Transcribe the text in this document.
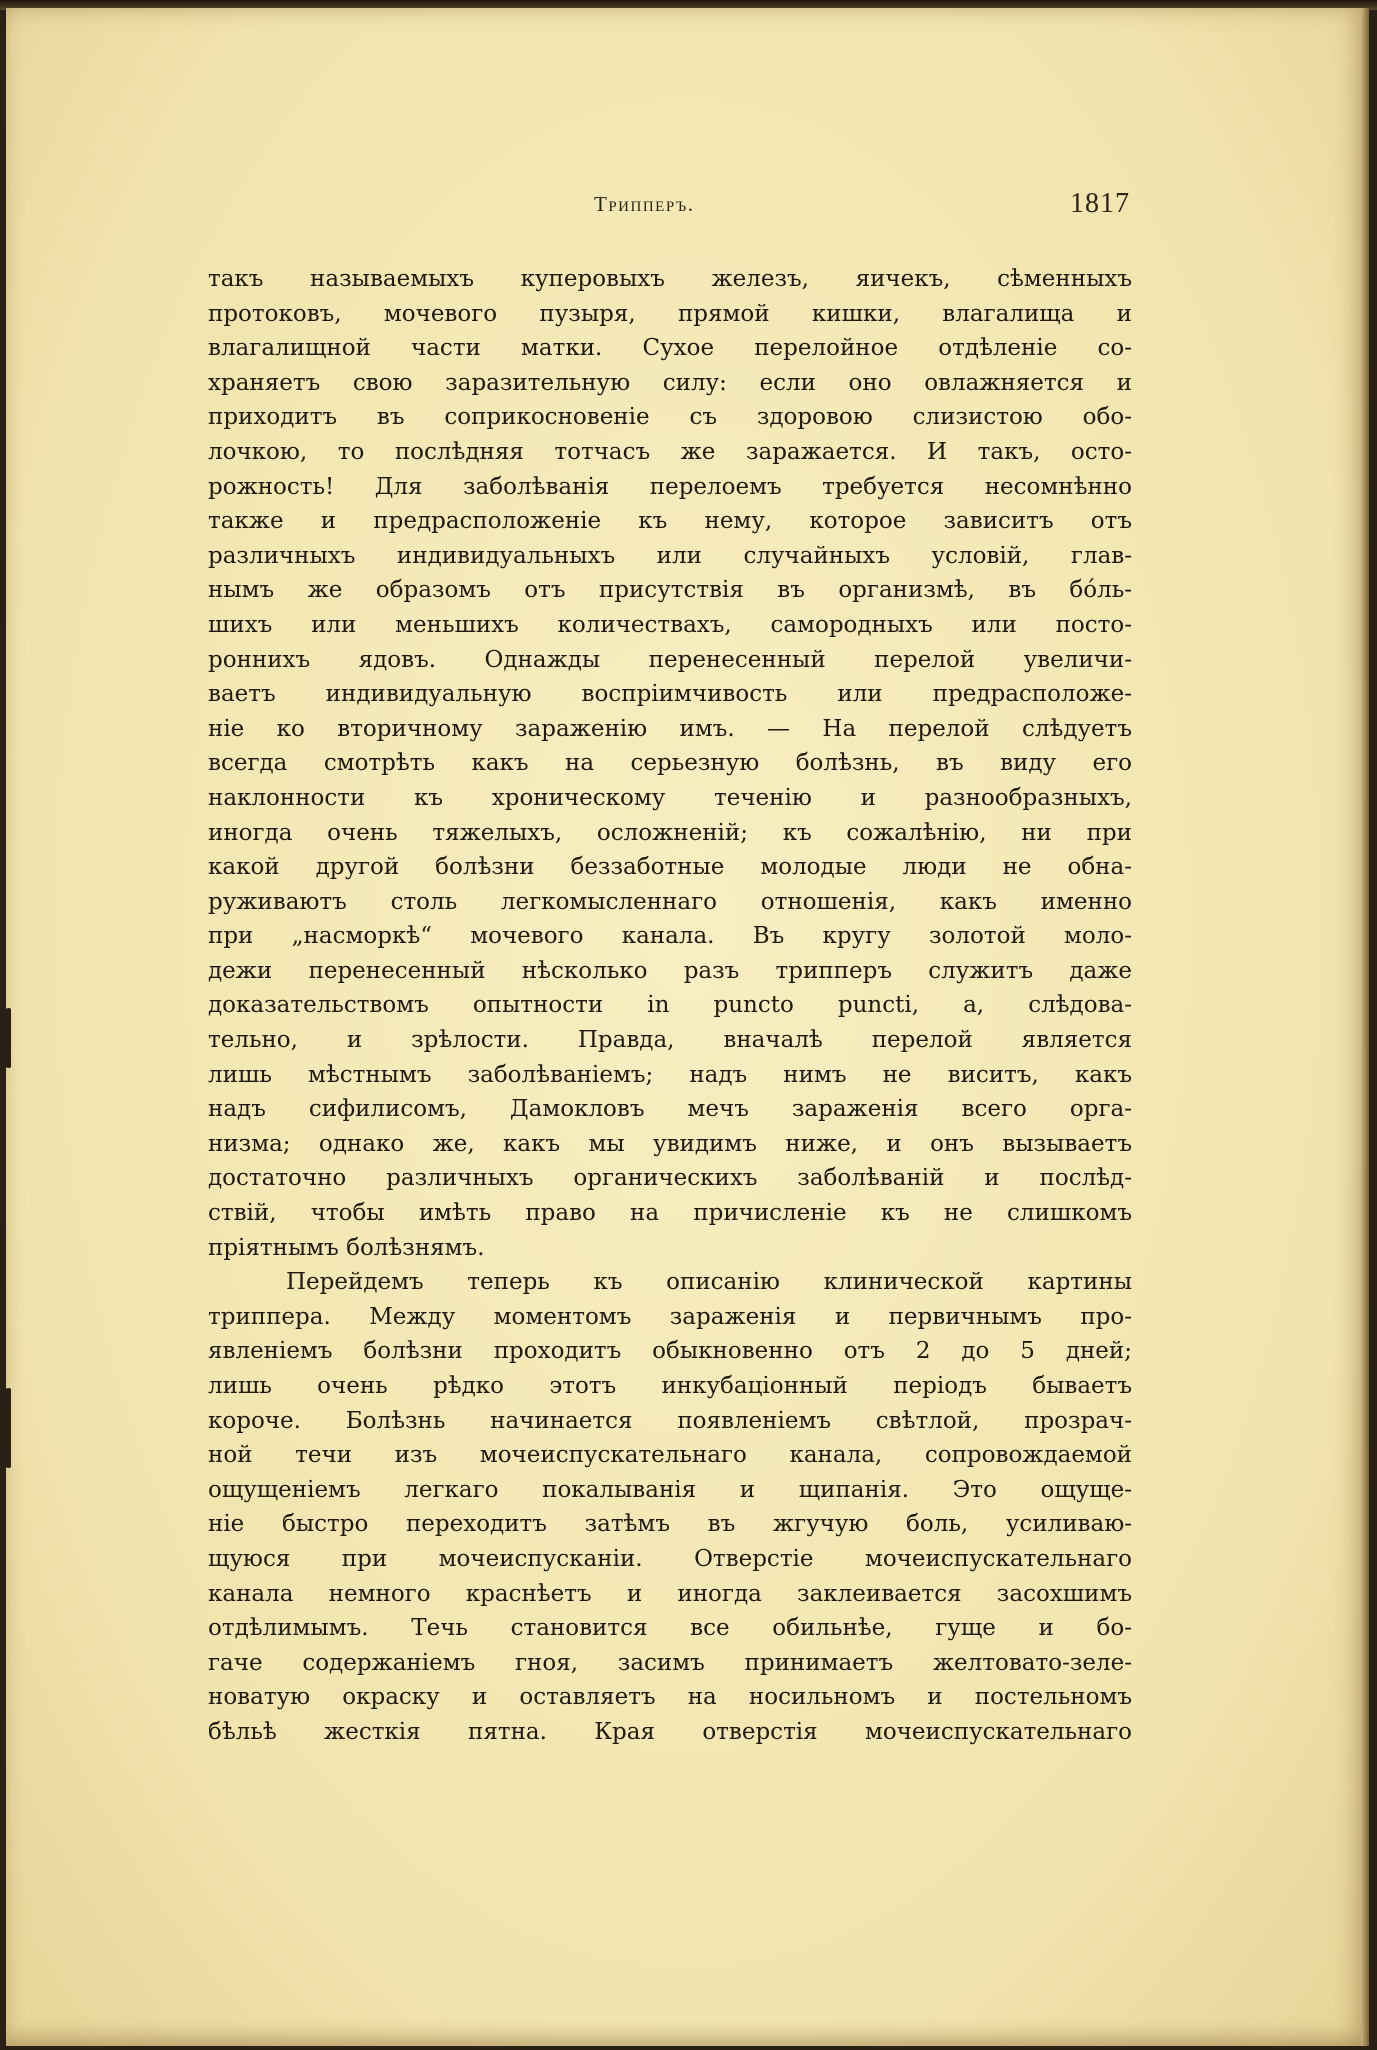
Трипперъ.	1817
такъ называемыхъ куперовыхъ железъ, яичекъ, сѣменныхъ
протоковъ, мочевого пузыря, прямой кишки, влагалища и
влагалищной части матки. Сухое перелойное отдѣленіе со-
храняетъ свою заразительную силу: если оно овлажняется и
приходитъ въ соприкосновеніе съ здоровою слизистою обо-
лочкою, то послѣдняя тотчасъ же заражается. И такъ, осто-
рожность! Для заболѣванія перелоемъ требуется несомнѣнно
также и предрасположеніе къ нему, которое зависитъ отъ
различныхъ индивидуальныхъ или случайныхъ условій, глав-
нымъ же образомъ отъ присутствія въ организмѣ, въ бо́ль-
шихъ или меньшихъ количествахъ, самородныхъ или посто-
роннихъ ядовъ. Однажды перенесенный перелой увеличи-
ваетъ индивидуальную воспріимчивость или предрасположе-
ніе ко вторичному зараженію имъ. — На перелой слѣдуетъ
всегда смотрѣть какъ на серьезную болѣзнь, въ виду его
наклонности къ хроническому теченію и разнообразныхъ,
иногда очень тяжелыхъ, осложненій; къ сожалѣнію, ни при
какой другой болѣзни беззаботные молодые люди не обна-
руживаютъ столь легкомысленнаго отношенія, какъ именно
при „насморкѣ“ мочевого канала. Въ кругу золотой моло-
дежи перенесенный нѣсколько разъ трипперъ служитъ даже
доказательствомъ опытности in puncto puncti, а, слѣдова-
тельно, и зрѣлости. Правда, вначалѣ перелой является
лишь мѣстнымъ заболѣваніемъ; надъ нимъ не виситъ, какъ
надъ сифилисомъ, Дамокловъ мечъ зараженія всего орга-
низма; однако же, какъ мы увидимъ ниже, и онъ вызываетъ
достаточно различныхъ органическихъ заболѣваній и послѣд-
ствій, чтобы имѣть право на причисленіе къ не слишкомъ
пріятнымъ болѣзнямъ.
Перейдемъ теперь къ описанію клинической картины
триппера. Между моментомъ зараженія и первичнымъ про-
явленіемъ болѣзни проходитъ обыкновенно отъ 2 до 5 дней;
лишь очень рѣдко этотъ инкубаціонный періодъ бываетъ
короче. Болѣзнь начинается появленіемъ свѣтлой, прозрач-
ной течи изъ мочеиспускательнаго канала, сопровождаемой
ощущеніемъ легкаго покалыванія и щипанія. Это ощуще-
ніе быстро переходитъ затѣмъ въ жгучую боль, усиливаю-
щуюся при мочеиспусканіи. Отверстіе мочеиспускательнаго
канала немного краснѣетъ и иногда заклеивается засохшимъ
отдѣлимымъ. Течь становится все обильнѣе, гуще и бо-
гаче содержаніемъ гноя, засимъ принимаетъ желтовато-зеле-
новатую окраску и оставляетъ на носильномъ и постельномъ
бѣльѣ жесткія пятна. Края отверстія мочеиспускательнаго
